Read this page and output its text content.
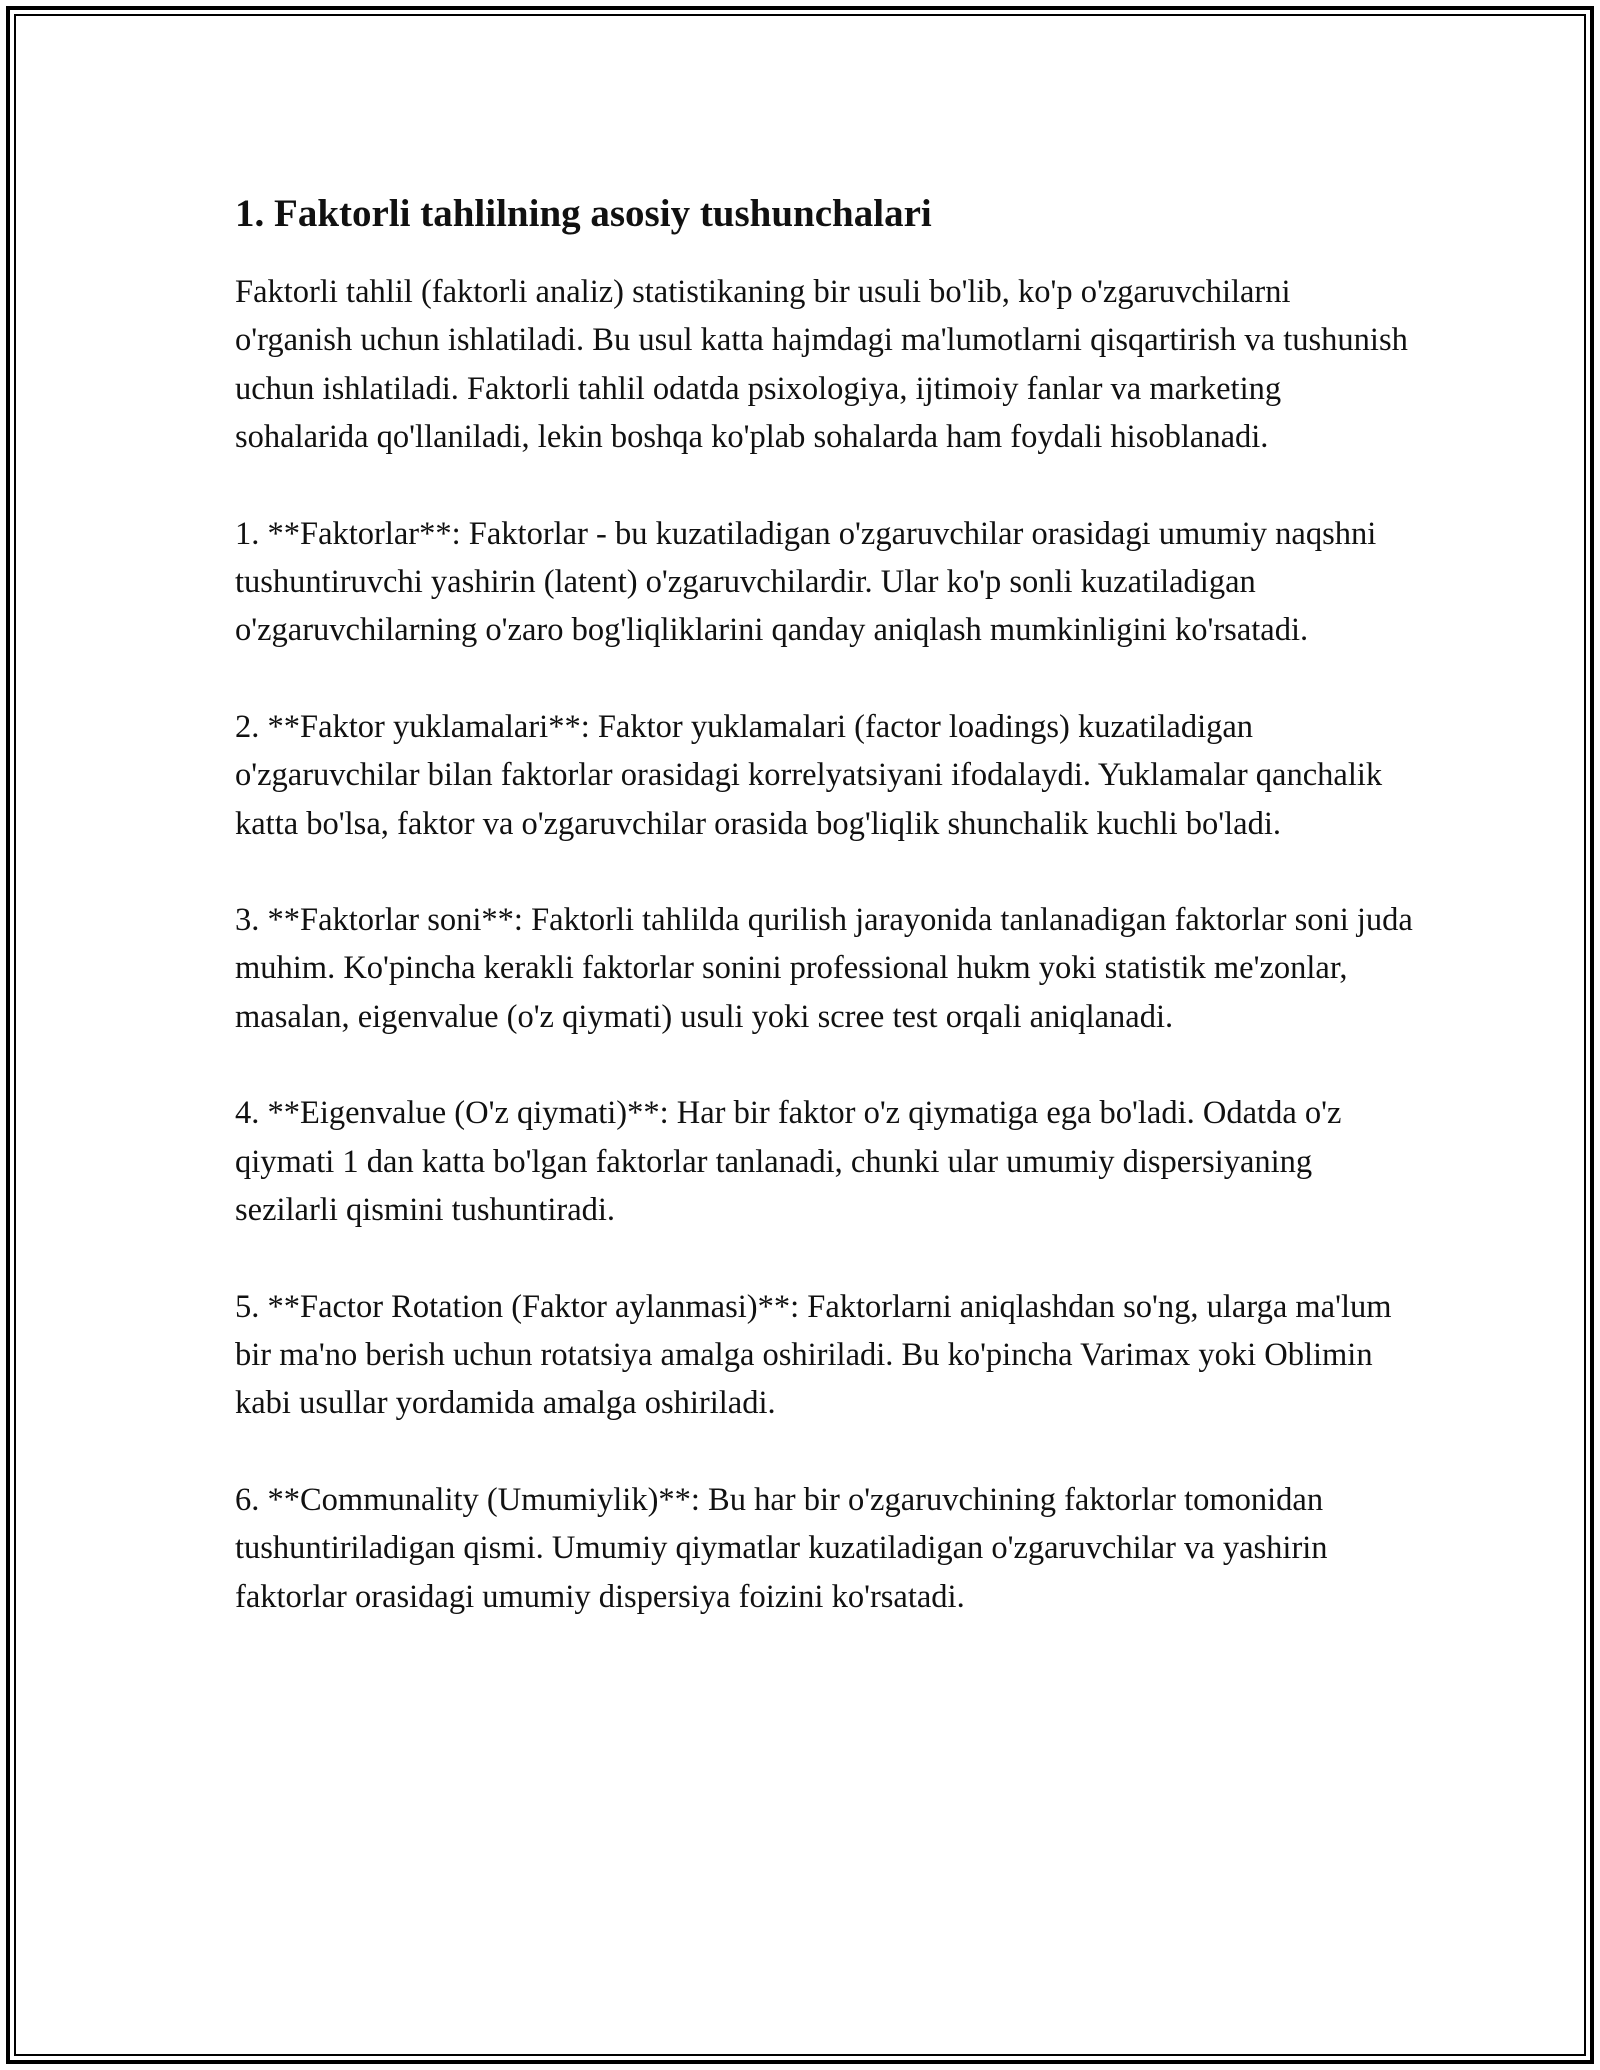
1. Faktorli tahlilning asosiy tushunchalari

Faktorli tahlil (faktorli analiz) statistikaning bir usuli bo'lib, ko'p o'zgaruvchilarni o'rganish uchun ishlatiladi. Bu usul katta hajmdagi ma'lumotlarni qisqartirish va tushunish uchun ishlatiladi. Faktorli tahlil odatda psixologiya, ijtimoiy fanlar va marketing sohalarida qo'llaniladi, lekin boshqa ko'plab sohalarda ham foydali hisoblanadi.

1. **Faktorlar**: Faktorlar - bu kuzatiladigan o'zgaruvchilar orasidagi umumiy naqshni tushuntiruvchi yashirin (latent) o'zgaruvchilardir. Ular ko'p sonli kuzatiladigan o'zgaruvchilarning o'zaro bog'liqliklarini qanday aniqlash mumkinligini ko'rsatadi.

2. **Faktor yuklamalari**: Faktor yuklamalari (factor loadings) kuzatiladigan o'zgaruvchilar bilan faktorlar orasidagi korrelyatsiyani ifodalaydi. Yuklamalar qanchalik katta bo'lsa, faktor va o'zgaruvchilar orasida bog'liqlik shunchalik kuchli bo'ladi.

3. **Faktorlar soni**: Faktorli tahlilda qurilish jarayonida tanlanadigan faktorlar soni juda muhim. Ko'pincha kerakli faktorlar sonini professional hukm yoki statistik me'zonlar, masalan, eigenvalue (o'z qiymati) usuli yoki scree test orqali aniqlanadi.

4. **Eigenvalue (O'z qiymati)**: Har bir faktor o'z qiymatiga ega bo'ladi. Odatda o'z qiymati 1 dan katta bo'lgan faktorlar tanlanadi, chunki ular umumiy dispersiyaning sezilarli qismini tushuntiradi.

5. **Factor Rotation (Faktor aylanmasi)**: Faktorlarni aniqlashdan so'ng, ularga ma'lum bir ma'no berish uchun rotatsiya amalga oshiriladi. Bu ko'pincha Varimax yoki Oblimin kabi usullar yordamida amalga oshiriladi.

6. **Communality (Umumiylik)**: Bu har bir o'zgaruvchining faktorlar tomonidan tushuntiriladigan qismi. Umumiy qiymatlar kuzatiladigan o'zgaruvchilar va yashirin faktorlar orasidagi umumiy dispersiya foizini ko'rsatadi.
